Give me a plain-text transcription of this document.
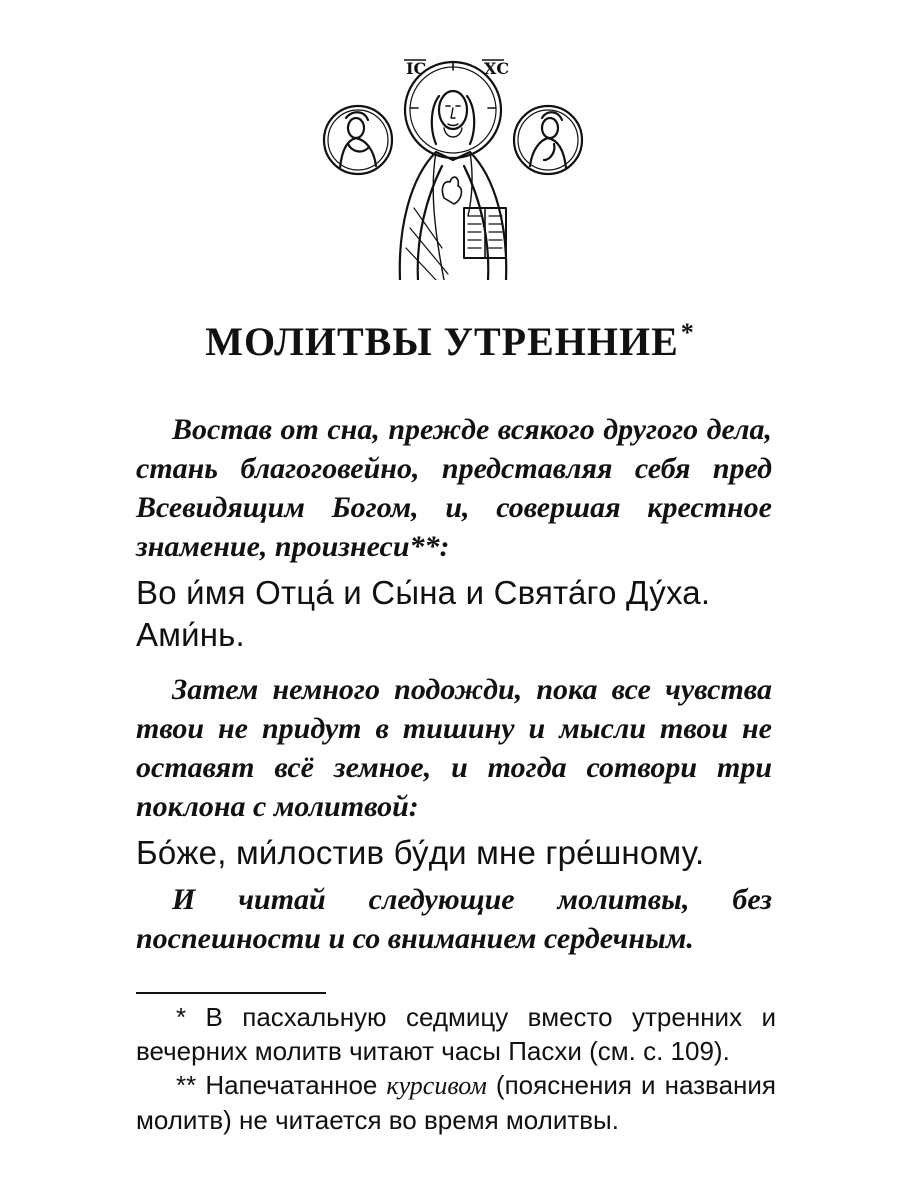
ІС	ХС
МОЛИТВЫ УТРЕННИЕ*

Востав от сна, прежде всякого другого дела, стань благоговейно, представляя себя пред Всевидящим Богом, и, совершая крестное знамение, произнеси**:

Во и́мя Отца́ и Сы́на и Свята́го Ду́ха. Ами́нь.

Затем немного подожди, пока все чувства твои не придут в тишину и мысли твои не оставят всё земное, и тогда сотвори три поклона с молитвой:

Бо́же, ми́лостив бу́ди мне гре́шному.

И читай следующие молитвы, без поспешности и со вниманием сердечным.

* В пасхальную седмицу вместо утренних и вечерних молитв читают часы Пасхи (см. с. 109).

** Напечатанное курсивом (пояснения и названия молитв) не читается во время молитвы.
